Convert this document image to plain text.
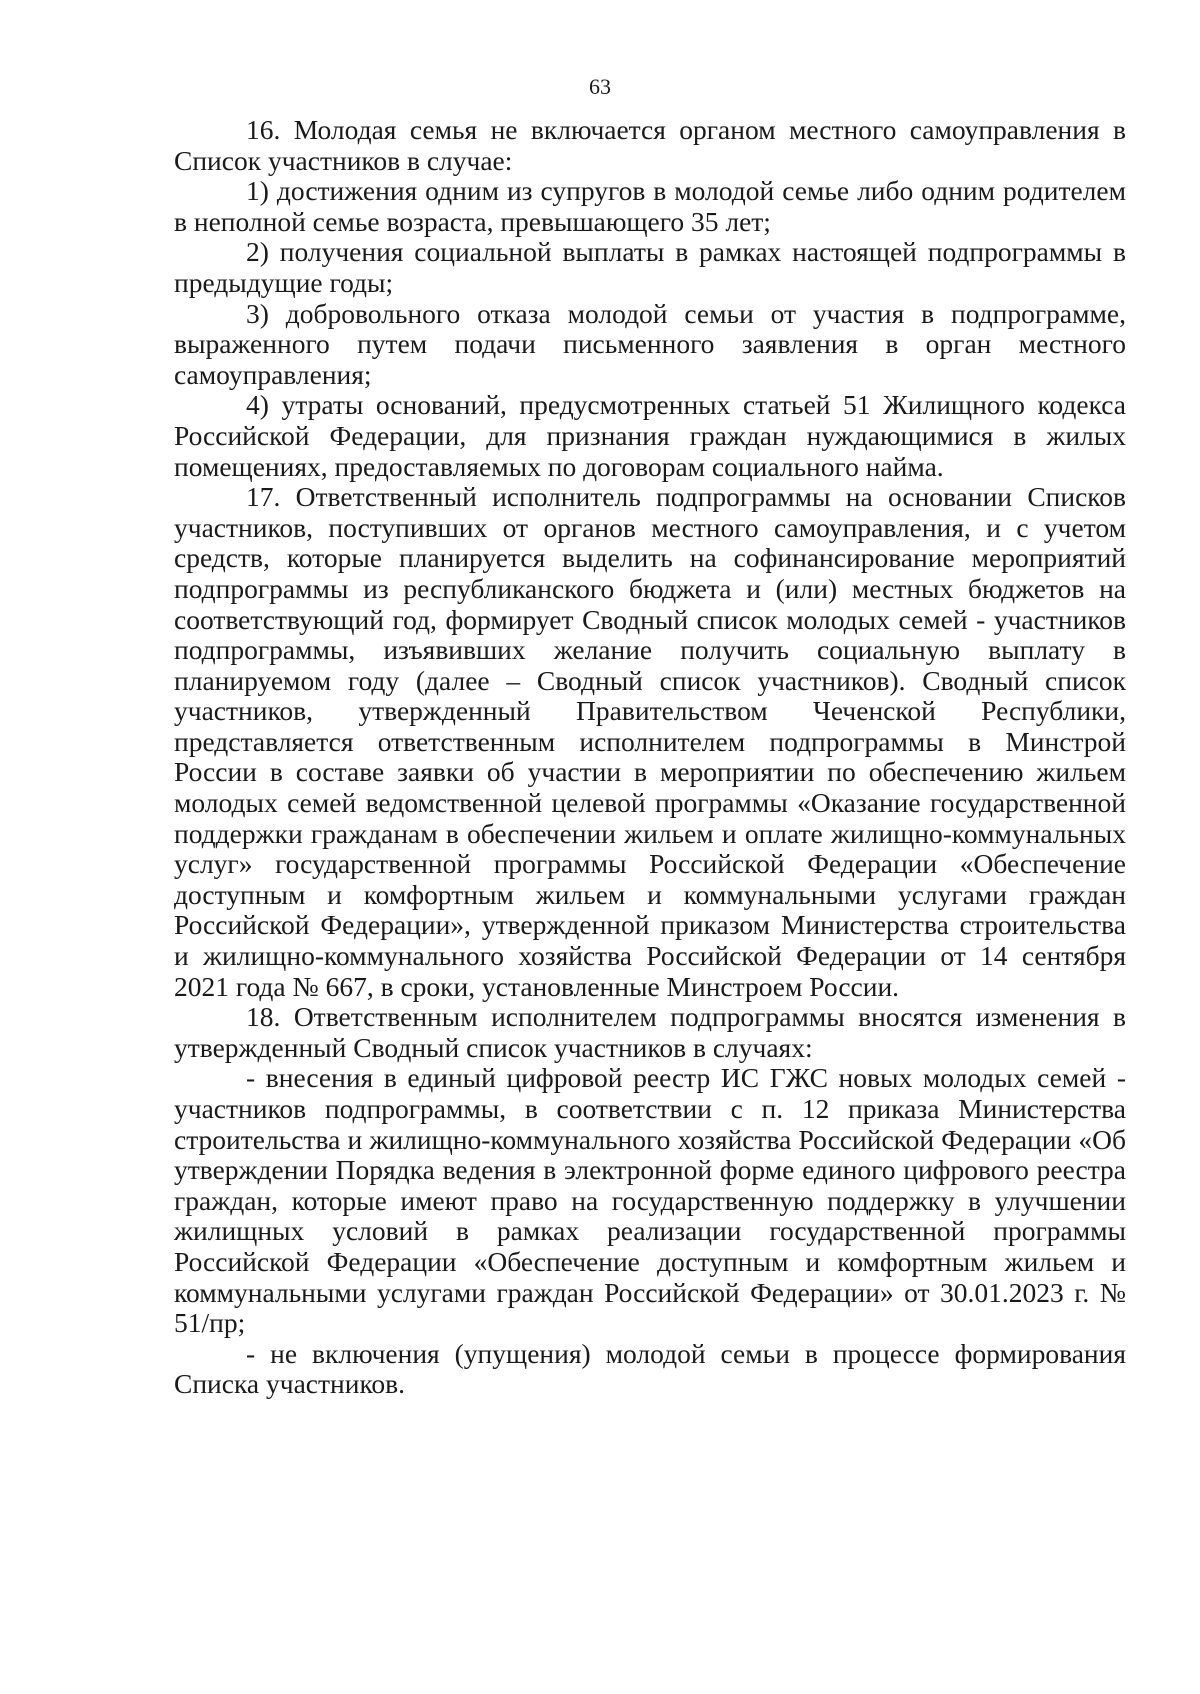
63

16. Молодая семья не включается органом местного самоуправления в Список участников в случае:

1) достижения одним из супругов в молодой семье либо одним родителем в неполной семье возраста, превышающего 35 лет;

2) получения социальной выплаты в рамках настоящей подпрограммы в предыдущие годы;

3) добровольного отказа молодой семьи от участия в подпрограмме, выраженного путем подачи письменного заявления в орган местного самоуправления;

4) утраты оснований, предусмотренных статьей 51 Жилищного кодекса Российской Федерации, для признания граждан нуждающимися в жилых помещениях, предоставляемых по договорам социального найма.

17. Ответственный исполнитель подпрограммы на основании Списков участников, поступивших от органов местного самоуправления, и с учетом средств, которые планируется выделить на софинансирование мероприятий подпрограммы из республиканского бюджета и (или) местных бюджетов на соответствующий год, формирует Сводный список молодых семей - участников подпрограммы, изъявивших желание получить социальную выплату в планируемом году (далее – Сводный список участников). Сводный список участников, утвержденный Правительством Чеченской Республики, представляется ответственным исполнителем подпрограммы в Минстрой России в составе заявки об участии в мероприятии по обеспечению жильем молодых семей ведомственной целевой программы «Оказание государственной поддержки гражданам в обеспечении жильем и оплате жилищно-коммунальных услуг» государственной программы Российской Федерации «Обеспечение доступным и комфортным жильем и коммунальными услугами граждан Российской Федерации», утвержденной приказом Министерства строительства и жилищно-коммунального хозяйства Российской Федерации от 14 сентября 2021 года № 667, в сроки, установленные Минстроем России.

18. Ответственным исполнителем подпрограммы вносятся изменения в утвержденный Сводный список участников в случаях:

- внесения в единый цифровой реестр ИС ГЖС новых молодых семей - участников подпрограммы, в соответствии с п. 12 приказа Министерства строительства и жилищно-коммунального хозяйства Российской Федерации «Об утверждении Порядка ведения в электронной форме единого цифрового реестра граждан, которые имеют право на государственную поддержку в улучшении жилищных условий в рамках реализации государственной программы Российской Федерации «Обеспечение доступным и комфортным жильем и коммунальными услугами граждан Российской Федерации» от 30.01.2023 г. № 51/пр;

- не включения (упущения) молодой семьи в процессе формирования Списка участников.
